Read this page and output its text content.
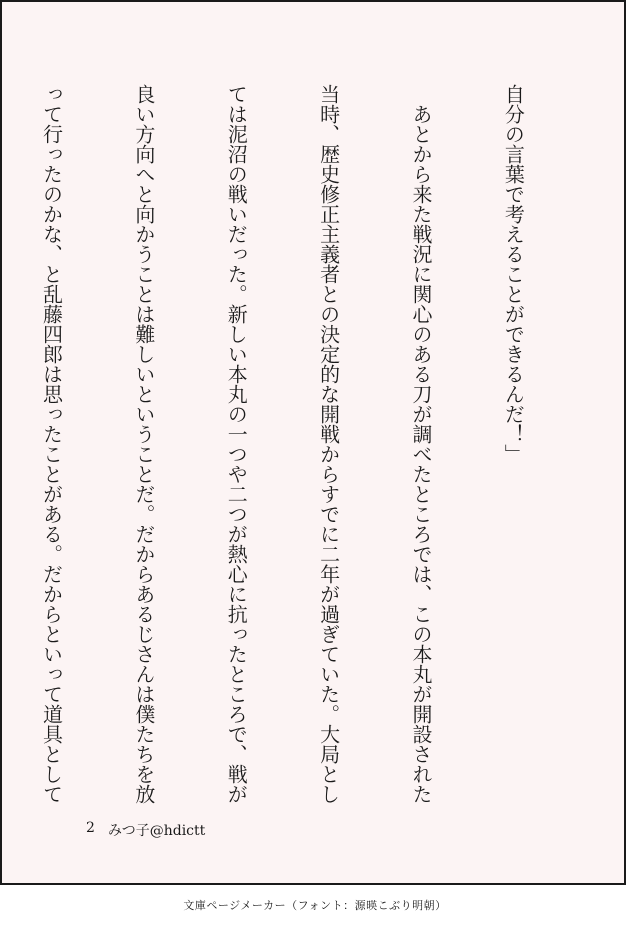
自分の言葉で考えることができるんだ！」

　あとから来た戦況に関心のある刀が調べたところでは、この本丸が開設された

当時、歴史修正主義者との決定的な開戦からすでに二年が過ぎていた。大局とし

ては泥沼の戦いだった。新しい本丸の一つや二つが熱心に抗ったところで、戦が

良い方向へと向かうことは難しいということだ。だからあるじさんは僕たちを放

って行ったのかな、と乱藤四郎は思ったことがある。だからといって道具として

2 みつ子@hdictt
文庫ページメーカー（フォント：源暎こぶり明朝）
